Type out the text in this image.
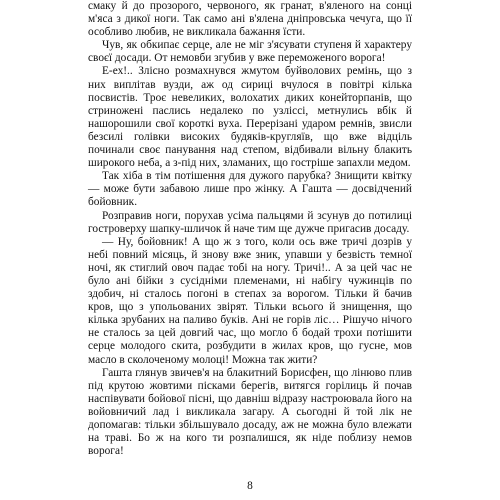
смаку й до прозорого, червоного, як гранат, в'яленого на сонці м'яса з дикої ноги. Так само ані в'ялена дніпровська чечуга, що її особливо любив, не викликала бажання їсти.

Чув, як обкипає серце, але не міг з'ясувати ступеня й характеру своєї досади. От немовби згубив у вже переможеного ворога!

Е-ех!.. Злісно розмахнувся жмутом буйволових ремінь, що з них виплітав вузди, аж од сириці вчулося в повітрі кілька посвистів. Троє невеликих, волохатих диких конейторпанів, що стриножені паслись недалеко по узліссі, метнулись вбік й нашорошили свої короткі вуха. Перерізані ударом ремнів, звисли безсилі голівки високих будяків-кругляїв, що вже відціль починали своє панування над степом, відбивали вільну блакить широкого неба, а з-під них, зламаних, що гостріше запахли медом.

Так хіба в тім потішення для дужого парубка? Знищити квітку — може бути забавою лише про жінку. А Гашта — досвідчений бойовник.

Розправив ноги, порухав усіма пальцями й зсунув до потилиці гостроверху шапку-шличок й наче тим ще дужче пригасив досаду.

— Ну, бойовник! А що ж з того, коли ось вже тричі дозрів у небі повний місяць, й знову вже зник, упавши у безвість темної ночі, як стиглий овоч падає тобі на ногу. Тричі!.. А за цей час не було ані бійки з сусідніми племенами, ні набігу чужинців по здобич, ні сталось погоні в степах за ворогом. Тільки й бачив кров, що з упольованих звірят. Тільки всього й знищення, що кілька зрубаних на паливо буків. Ані не горів ліс… Рішучо нічого не сталось за цей довгий час, що могло б бодай трохи потішити серце молодого скита, розбудити в жилах кров, що гусне, мов масло в сколоченому молоці! Можна так жити?

Гашта глянув звичев'я на блакитний Борисфен, що лінюво плив під крутою жовтими пісками берегів, витягся горілиць й почав наспівувати бойової пісні, що давніш відразу настроювала його на войовничий лад і викликала загару. А сьогодні й той лік не допомагав: тільки збільшувало досаду, аж не можна було влежати на траві. Бо ж на кого ти розпалишся, як ніде поблизу немов ворога!

8
